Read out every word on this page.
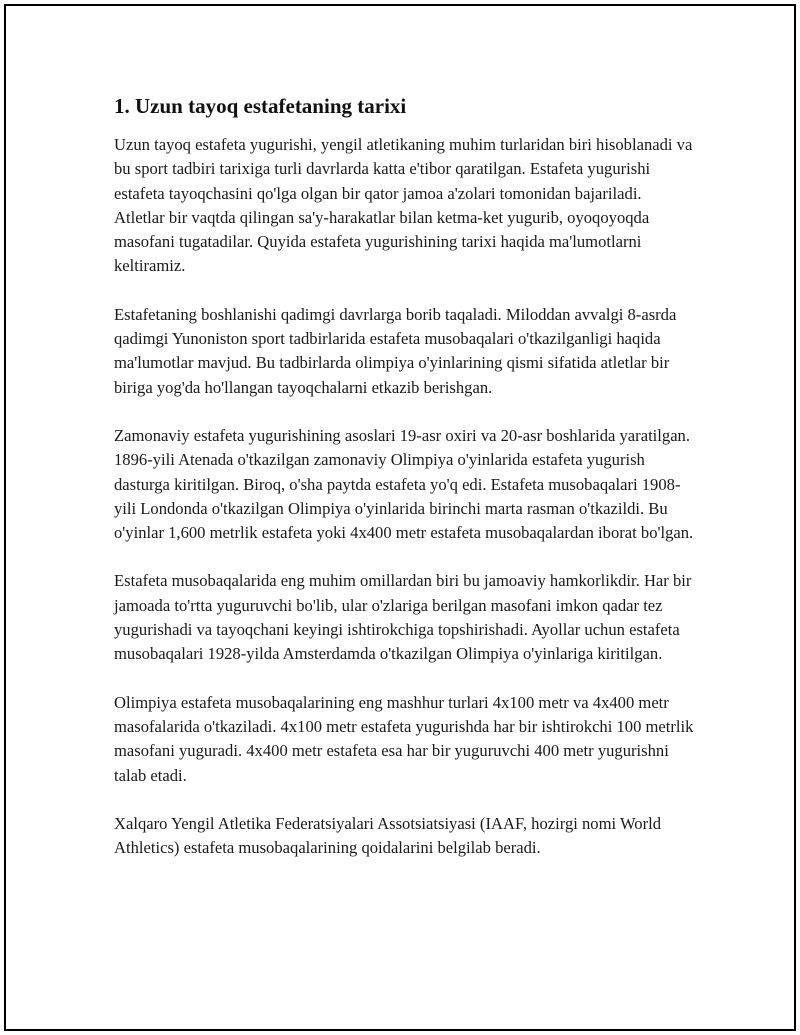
1. Uzun tayoq estafetaning tarixi

Uzun tayoq estafeta yugurishi, yengil atletikaning muhim turlaridan biri hisoblanadi va bu sport tadbiri tarixiga turli davrlarda katta e'tibor qaratilgan. Estafeta yugurishi estafeta tayoqchasini qo'lga olgan bir qator jamoa a'zolari tomonidan bajariladi. Atletlar bir vaqtda qilingan sa'y-harakatlar bilan ketma-ket yugurib, oyoqoyoqda masofani tugatadilar. Quyida estafeta yugurishining tarixi haqida ma'lumotlarni keltiramiz.

Estafetaning boshlanishi qadimgi davrlarga borib taqaladi. Miloddan avvalgi 8-asrda qadimgi Yunoniston sport tadbirlarida estafeta musobaqalari o'tkazilganligi haqida ma'lumotlar mavjud. Bu tadbirlarda olimpiya o'yinlarining qismi sifatida atletlar bir biriga yog'da ho'llangan tayoqchalarni etkazib berishgan.

Zamonaviy estafeta yugurishining asoslari 19-asr oxiri va 20-asr boshlarida yaratilgan. 1896-yili Atenada o'tkazilgan zamonaviy Olimpiya o'yinlarida estafeta yugurish dasturga kiritilgan. Biroq, o'sha paytda estafeta yo'q edi. Estafeta musobaqalari 1908-yili Londonda o'tkazilgan Olimpiya o'yinlarida birinchi marta rasman o'tkazildi. Bu o'yinlar 1,600 metrlik estafeta yoki 4x400 metr estafeta musobaqalardan iborat bo'lgan.

Estafeta musobaqalarida eng muhim omillardan biri bu jamoaviy hamkorlikdir. Har bir jamoada to'rtta yuguruvchi bo'lib, ular o'zlariga berilgan masofani imkon qadar tez yugurishadi va tayoqchani keyingi ishtirokchiga topshirishadi. Ayollar uchun estafeta musobaqalari 1928-yilda Amsterdamda o'tkazilgan Olimpiya o'yinlariga kiritilgan.

Olimpiya estafeta musobaqalarining eng mashhur turlari 4x100 metr va 4x400 metr masofalarida o'tkaziladi. 4x100 metr estafeta yugurishda har bir ishtirokchi 100 metrlik masofani yuguradi. 4x400 metr estafeta esa har bir yuguruvchi 400 metr yugurishni talab etadi.

Xalqaro Yengil Atletika Federatsiyalari Assotsiatsiyasi (IAAF, hozirgi nomi World Athletics) estafeta musobaqalarining qoidalarini belgilab beradi.
